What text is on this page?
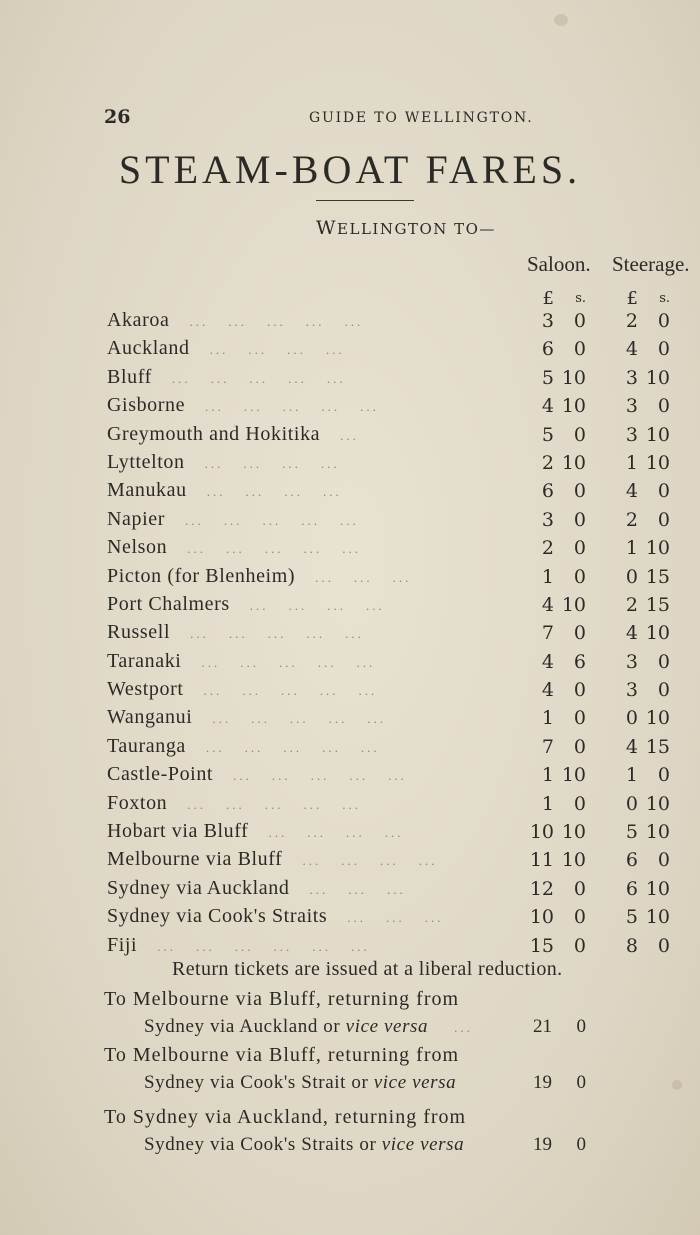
26	GUIDE TO WELLINGTON.
STEAM-BOAT FARES.
WELLINGTON TO—
Saloon. Steerage.
£	s.	£	s.
Akaroa ... ... ... ... ...	3	0	2	0
Auckland ... ... ... ...	6	0	4	0
Bluff ... ... ... ... ...	5 10	3 10
Gisborne ... ... ... ... ...	4 10	3	0
Greymouth and Hokitika ...	5	0	3 10
Lyttelton ... ... ... ...	2 10	1 10
Manukau ... ... ... ...	6	0	4	0
Napier ... ... ... ... ...	3	0	2	0
Nelson ... ... ... ... ...	2	0	1 10
Picton (for Blenheim) ... ... ...	1	0	0 15
Port Chalmers ... ... ... ...	4 10	2 15
Russell ... ... ... ... ...	7	0	4 10
Taranaki ... ... ... ... ...	4	6	3	0
Westport ... ... ... ... ...	4	0	3	0
Wanganui ... ... ... ... ...	1	0	0 10
Tauranga ... ... ... ... ...	7	0	4 15
Castle-Point ... ... ... ... ...	1 10	1	0
Foxton ... ... ... ... ...	1	0	0 10
Hobart via Bluff ... ... ... ...	10 10	5 10
Melbourne via Bluff ... ... ... ...	11 10	6	0
Sydney via Auckland ... ... ...	12	0	6 10
Sydney via Cook's Straits ... ... ...	10	0	5 10
Fiji ... ... ... ... ... ...	15	0	8	0
Return tickets are issued at a liberal reduction.
To Melbourne via Bluff, returning from
Sydney via Auckland or vice versa ...	21	0
To Melbourne via Bluff, returning from
Sydney via Cook's Strait or vice versa	19	0
To Sydney via Auckland, returning from
Sydney via Cook's Straits or vice versa	19	0
